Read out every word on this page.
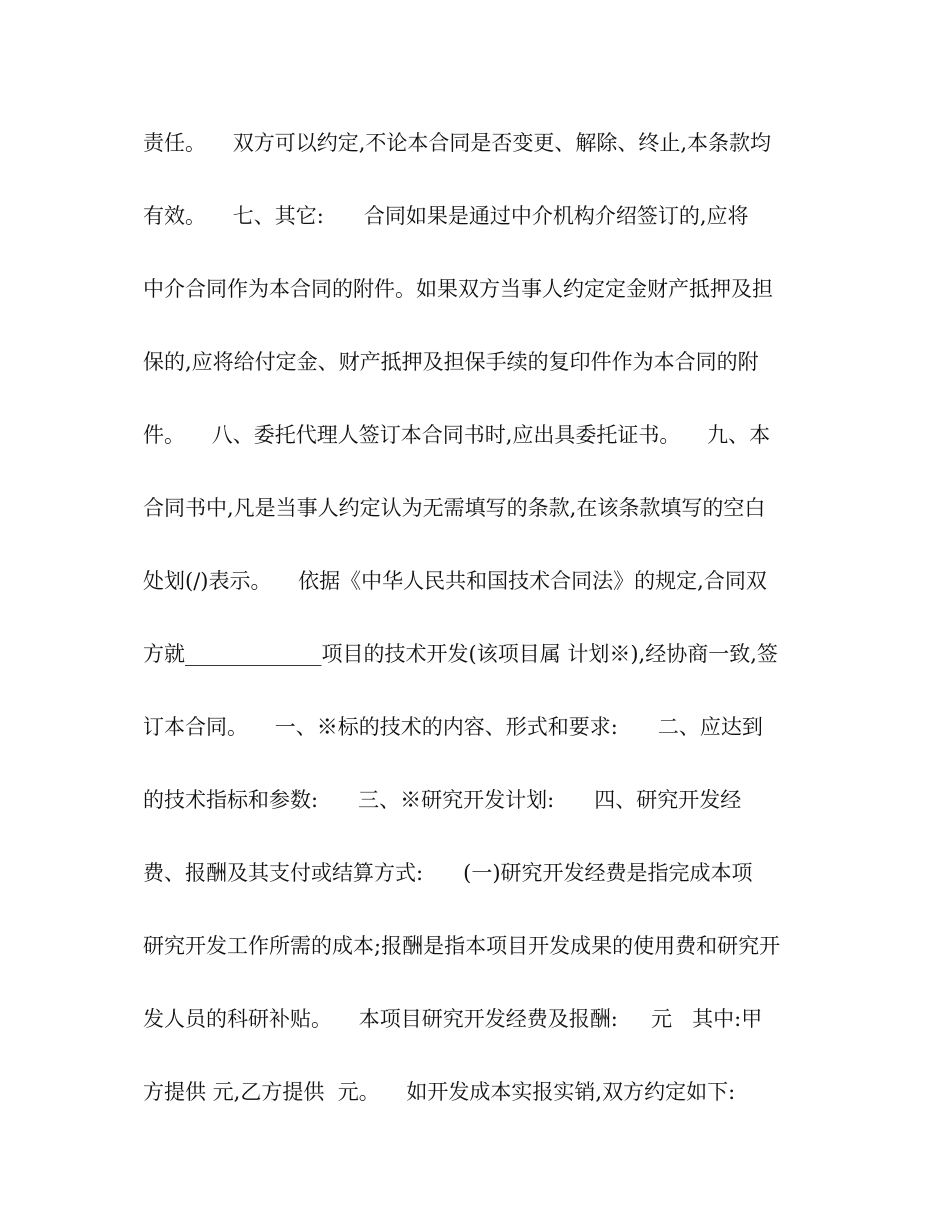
责任。    双方可以约定,不论本合同是否变更、解除、终止,本条款均
有效。    七、其它:      合同如果是通过中介机构介绍签订的,应将
中介合同作为本合同的附件。如果双方当事人约定定金财产抵押及担
保的,应将给付定金、财产抵押及担保手续的复印件作为本合同的附
件。    八、委托代理人签订本合同书时,应出具委托证书。    九、本
合同书中,凡是当事人约定认为无需填写的条款,在该条款填写的空白
处划(/)表示。    依据《中华人民共和国技术合同法》的规定,合同双
方就_____________项目的技术开发(该项目属 计划※),经协商一致,签
订本合同。    一、※标的技术的内容、形式和要求:      二、应达到
的技术指标和参数:      三、※研究开发计划:      四、研究开发经
费、报酬及其支付或结算方式:      (一)研究开发经费是指完成本项
研究开发工作所需的成本;报酬是指本项目开发成果的使用费和研究开
发人员的科研补贴。    本项目研究开发经费及报酬:     元   其中:甲
方提供 元,乙方提供  元。    如开发成本实报实销,双方约定如下:
